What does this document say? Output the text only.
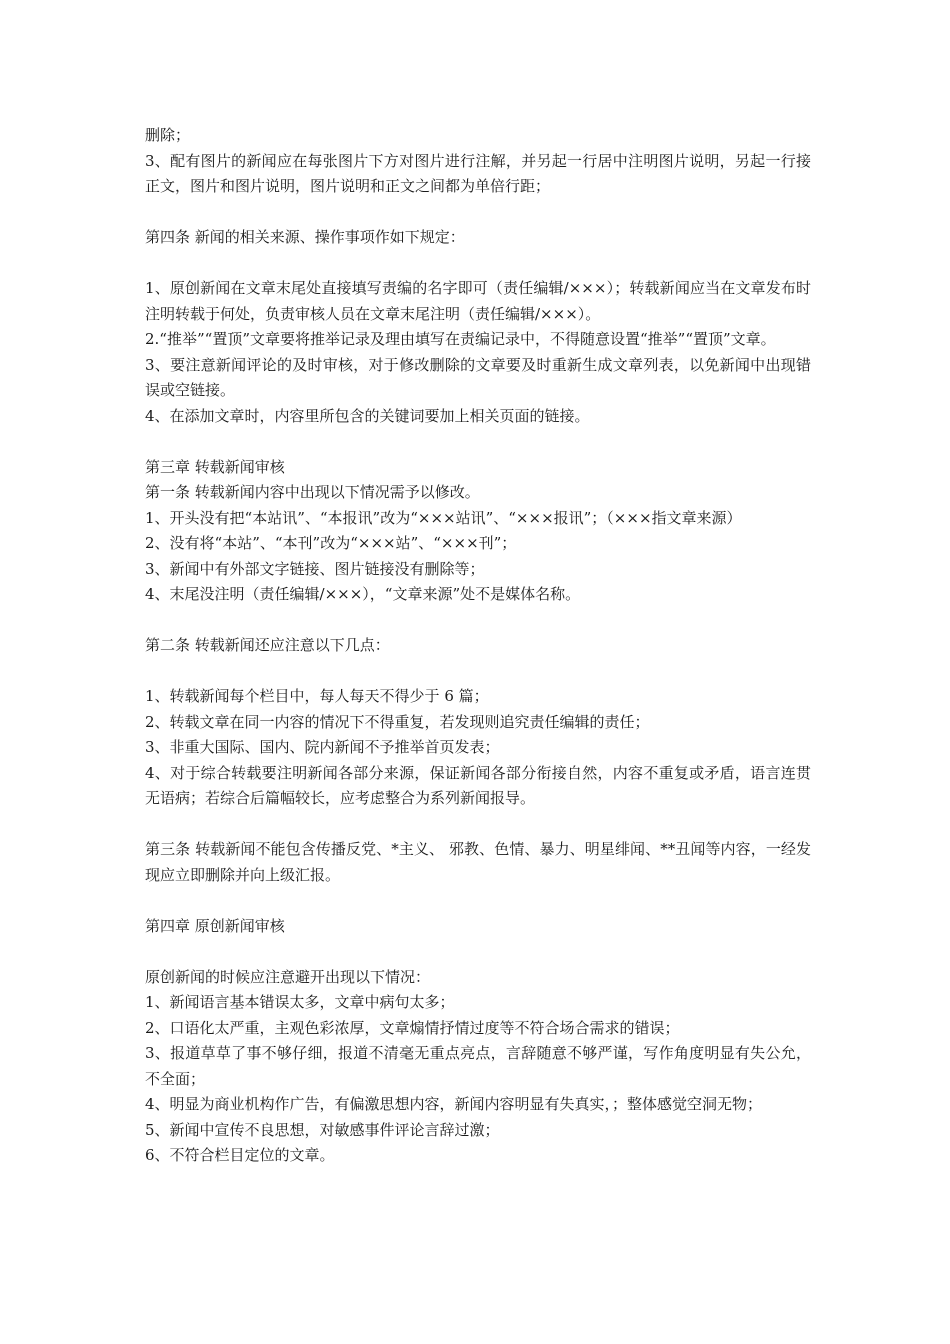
删除；
3、配有图片的新闻应在每张图片下方对图片进行注解，并另起一行居中注明图片说明，另起一行接正文，图片和图片说明，图片说明和正文之间都为单倍行距；
第四条 新闻的相关来源、操作事项作如下规定：
1、原创新闻在文章末尾处直接填写责编的名字即可（责任编辑/×××）；转载新闻应当在文章发布时注明转载于何处，负责审核人员在文章末尾注明（责任编辑/×××）。
2.“推举”“置顶”文章要将推举记录及理由填写在责编记录中，不得随意设置“推举”“置顶”文章。
3、要注意新闻评论的及时审核，对于修改删除的文章要及时重新生成文章列表，以免新闻中出现错误或空链接。
4、在添加文章时，内容里所包含的关键词要加上相关页面的链接。
第三章 转载新闻审核
第一条 转载新闻内容中出现以下情况需予以修改。
1、开头没有把“本站讯”、“本报讯”改为“×××站讯”、“×××报讯”；（×××指文章来源）
2、没有将“本站”、“本刊”改为“×××站”、“×××刊”；
3、新闻中有外部文字链接、图片链接没有删除等；
4、末尾没注明（责任编辑/×××），“文章来源”处不是媒体名称。
第二条 转载新闻还应注意以下几点：
1、转载新闻每个栏目中，每人每天不得少于 6 篇；
2、转载文章在同一内容的情况下不得重复，若发现则追究责任编辑的责任；
3、非重大国际、国内、院内新闻不予推举首页发表；
4、对于综合转载要注明新闻各部分来源，保证新闻各部分衔接自然，内容不重复或矛盾，语言连贯无语病；若综合后篇幅较长，应考虑整合为系列新闻报导。
第三条 转载新闻不能包含传播反党、*主义、 邪教、色情、暴力、明星绯闻、**丑闻等内容，一经发现应立即删除并向上级汇报。
第四章 原创新闻审核
原创新闻的时候应注意避开出现以下情况：
1、新闻语言基本错误太多，文章中病句太多；
2、口语化太严重，主观色彩浓厚，文章煽情抒情过度等不符合场合需求的错误；
3、报道草草了事不够仔细，报道不清毫无重点亮点，言辞随意不够严谨，写作角度明显有失公允，不全面；
4、明显为商业机构作广告，有偏激思想内容，新闻内容明显有失真实，；整体感觉空洞无物；
5、新闻中宣传不良思想，对敏感事件评论言辞过激；
6、不符合栏目定位的文章。
